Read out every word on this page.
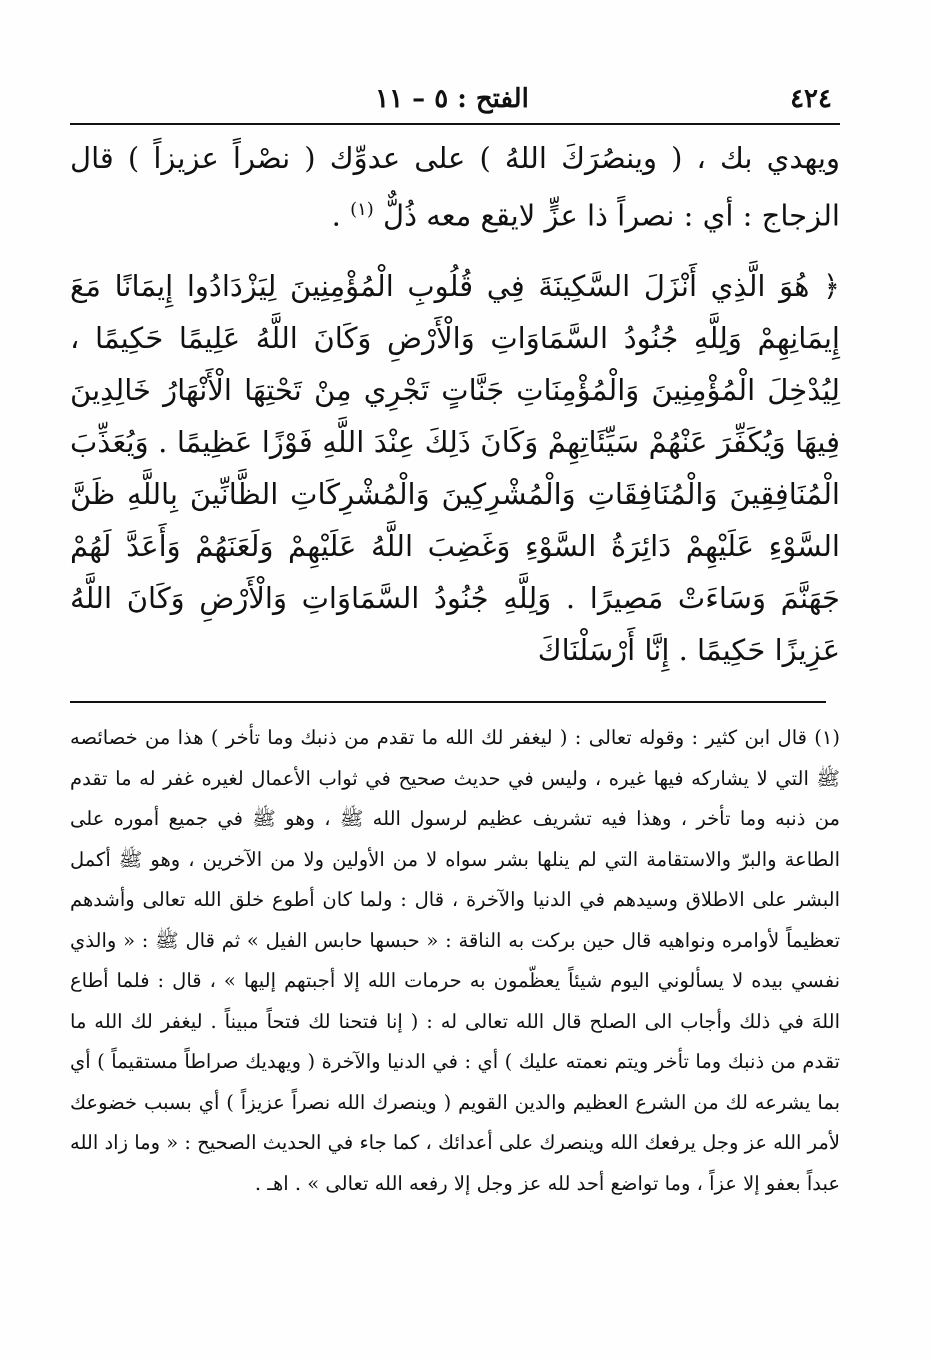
٤٢٤
الفتح : ٥ – ١١

ويهدي بك ، ( وينصُرَكَ اللهُ ) على عدوِّك ( نصْراً عزيزاً ) قال الزجاج : أي : نصراً ذا عزٍّ لايقع معه ذُلٌّ $^{(١)}$ .

﴿ هُوَ الَّذِي أَنْزَلَ السَّكِينَةَ فِي قُلُوبِ الْمُؤْمِنِينَ لِيَزْدَادُوا إِيمَانًا مَعَ إِيمَانِهِمْ وَلِلَّهِ جُنُودُ السَّمَاوَاتِ وَالْأَرْضِ وَكَانَ اللَّهُ عَلِيمًا حَكِيمًا ، لِيُدْخِلَ الْمُؤْمِنِينَ وَالْمُؤْمِنَاتِ جَنَّاتٍ تَجْرِي مِنْ تَحْتِهَا الْأَنْهَارُ خَالِدِينَ فِيهَا وَيُكَفِّرَ عَنْهُمْ سَيِّئَاتِهِمْ وَكَانَ ذَلِكَ عِنْدَ اللَّهِ فَوْزًا عَظِيمًا . وَيُعَذِّبَ الْمُنَافِقِينَ وَالْمُنَافِقَاتِ وَالْمُشْرِكِينَ وَالْمُشْرِكَاتِ الظَّانِّينَ بِاللَّهِ ظَنَّ السَّوْءِ عَلَيْهِمْ دَائِرَةُ السَّوْءِ وَغَضِبَ اللَّهُ عَلَيْهِمْ وَلَعَنَهُمْ وَأَعَدَّ لَهُمْ جَهَنَّمَ وَسَاءَتْ مَصِيرًا . وَلِلَّهِ جُنُودُ السَّمَاوَاتِ وَالْأَرْضِ وَكَانَ اللَّهُ عَزِيزًا حَكِيمًا . إِنَّا أَرْسَلْنَاكَ

(١) قال ابن كثير : وقوله تعالى : ( ليغفر لك الله ما تقدم من ذنبك وما تأخر ) هذا من خصائصه ﷺ التي لا يشاركه فيها غيره ، وليس في حديث صحيح في ثواب الأعمال لغيره غفر له ما تقدم من ذنبه وما تأخر ، وهذا فيه تشريف عظيم لرسول الله ﷺ ، وهو ﷺ في جميع أموره على الطاعة والبرّ والاستقامة التي لم ينلها بشر سواه لا من الأولين ولا من الآخرين ، وهو ﷺ أكمل البشر على الاطلاق وسيدهم في الدنيا والآخرة ، قال : ولما كان أطوع خلق الله تعالى وأشدهم تعظيماً لأوامره ونواهيه قال حين بركت به الناقة : « حبسها حابس الفيل » ثم قال ﷺ : « والذي نفسي بيده لا يسألوني اليوم شيئاً يعظّمون به حرمات الله إلا أجبتهم إليها » ، قال : فلما أطاع اللهَ في ذلك وأجاب الى الصلح قال الله تعالى له : ( إنا فتحنا لك فتحاً مبيناً . ليغفر لك الله ما تقدم من ذنبك وما تأخر ويتم نعمته عليك ) أي : في الدنيا والآخرة ( ويهديك صراطاً مستقيماً ) أي بما يشرعه لك من الشرع العظيم والدين القويم ( وينصرك الله نصراً عزيزاً ) أي بسبب خضوعك لأمر الله عز وجل يرفعك الله وينصرك على أعدائك ، كما جاء في الحديث الصحيح : « وما زاد الله عبداً بعفو إلا عزاً ، وما تواضع أحد لله عز وجل إلا رفعه الله تعالى » . اهـ .
